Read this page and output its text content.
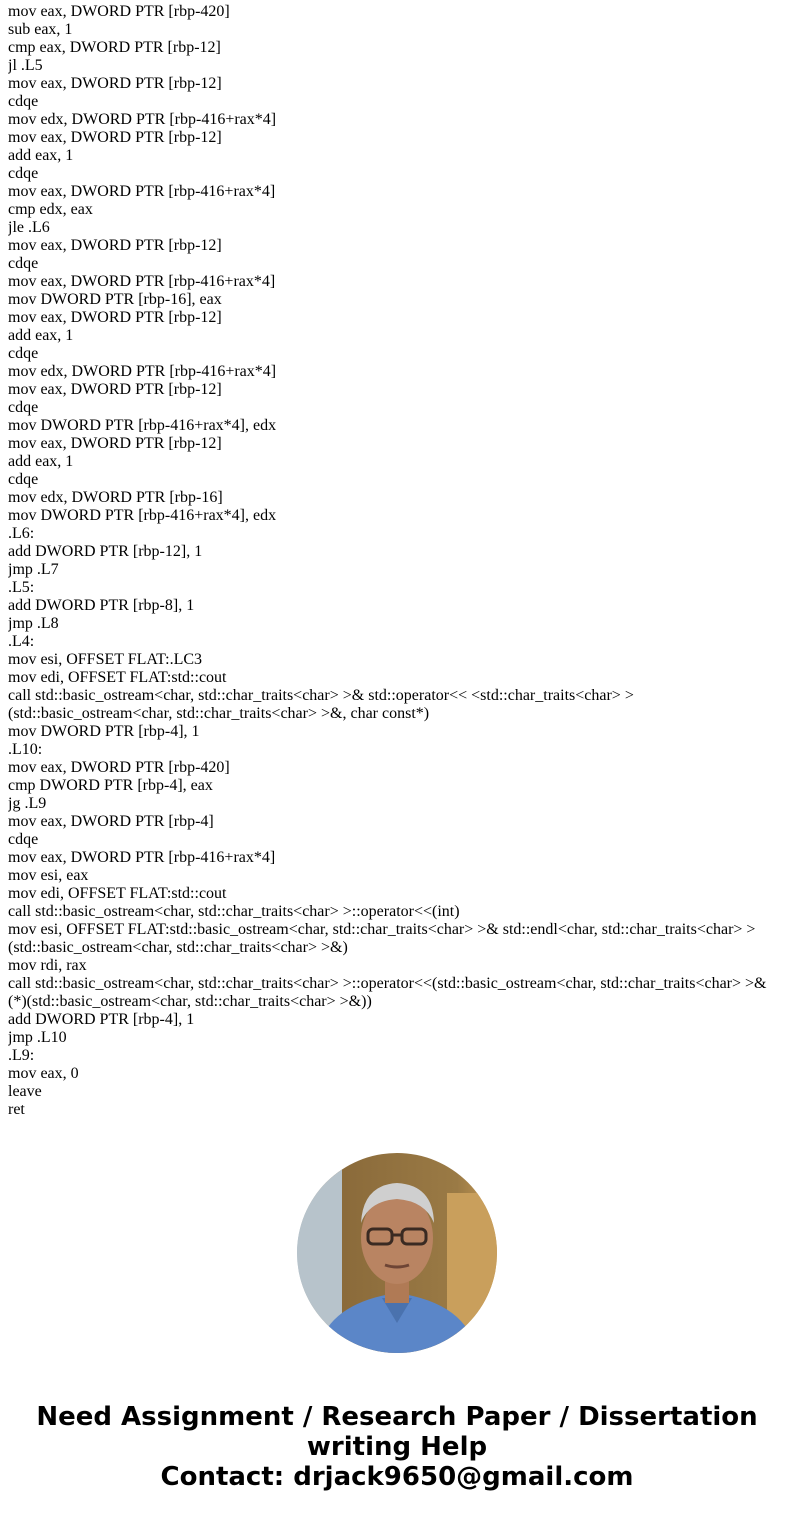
mov eax, DWORD PTR [rbp-420]
sub eax, 1
cmp eax, DWORD PTR [rbp-12]
jl .L5
mov eax, DWORD PTR [rbp-12]
cdqe
mov edx, DWORD PTR [rbp-416+rax*4]
mov eax, DWORD PTR [rbp-12]
add eax, 1
cdqe
mov eax, DWORD PTR [rbp-416+rax*4]
cmp edx, eax
jle .L6
mov eax, DWORD PTR [rbp-12]
cdqe
mov eax, DWORD PTR [rbp-416+rax*4]
mov DWORD PTR [rbp-16], eax
mov eax, DWORD PTR [rbp-12]
add eax, 1
cdqe
mov edx, DWORD PTR [rbp-416+rax*4]
mov eax, DWORD PTR [rbp-12]
cdqe
mov DWORD PTR [rbp-416+rax*4], edx
mov eax, DWORD PTR [rbp-12]
add eax, 1
cdqe
mov edx, DWORD PTR [rbp-16]
mov DWORD PTR [rbp-416+rax*4], edx
.L6:
add DWORD PTR [rbp-12], 1
jmp .L7
.L5:
add DWORD PTR [rbp-8], 1
jmp .L8
.L4:
mov esi, OFFSET FLAT:.LC3
mov edi, OFFSET FLAT:std::cout
call std::basic_ostream<char, std::char_traits<char> >& std::operator<< <std::char_traits<char> >(std::basic_ostream<char, std::char_traits<char> >&, char const*)
mov DWORD PTR [rbp-4], 1
.L10:
mov eax, DWORD PTR [rbp-420]
cmp DWORD PTR [rbp-4], eax
jg .L9
mov eax, DWORD PTR [rbp-4]
cdqe
mov eax, DWORD PTR [rbp-416+rax*4]
mov esi, eax
mov edi, OFFSET FLAT:std::cout
call std::basic_ostream<char, std::char_traits<char> >::operator<<(int)
mov esi, OFFSET FLAT:std::basic_ostream<char, std::char_traits<char> >& std::endl<char, std::char_traits<char> >(std::basic_ostream<char, std::char_traits<char> >&)
mov rdi, rax
call std::basic_ostream<char, std::char_traits<char> >::operator<<(std::basic_ostream<char, std::char_traits<char> >& (*)(std::basic_ostream<char, std::char_traits<char> >&))
add DWORD PTR [rbp-4], 1
jmp .L10
.L9:
mov eax, 0
leave
ret
Need Assignment / Research Paper / Dissertation writing Help
Contact: drjack9650@gmail.com
